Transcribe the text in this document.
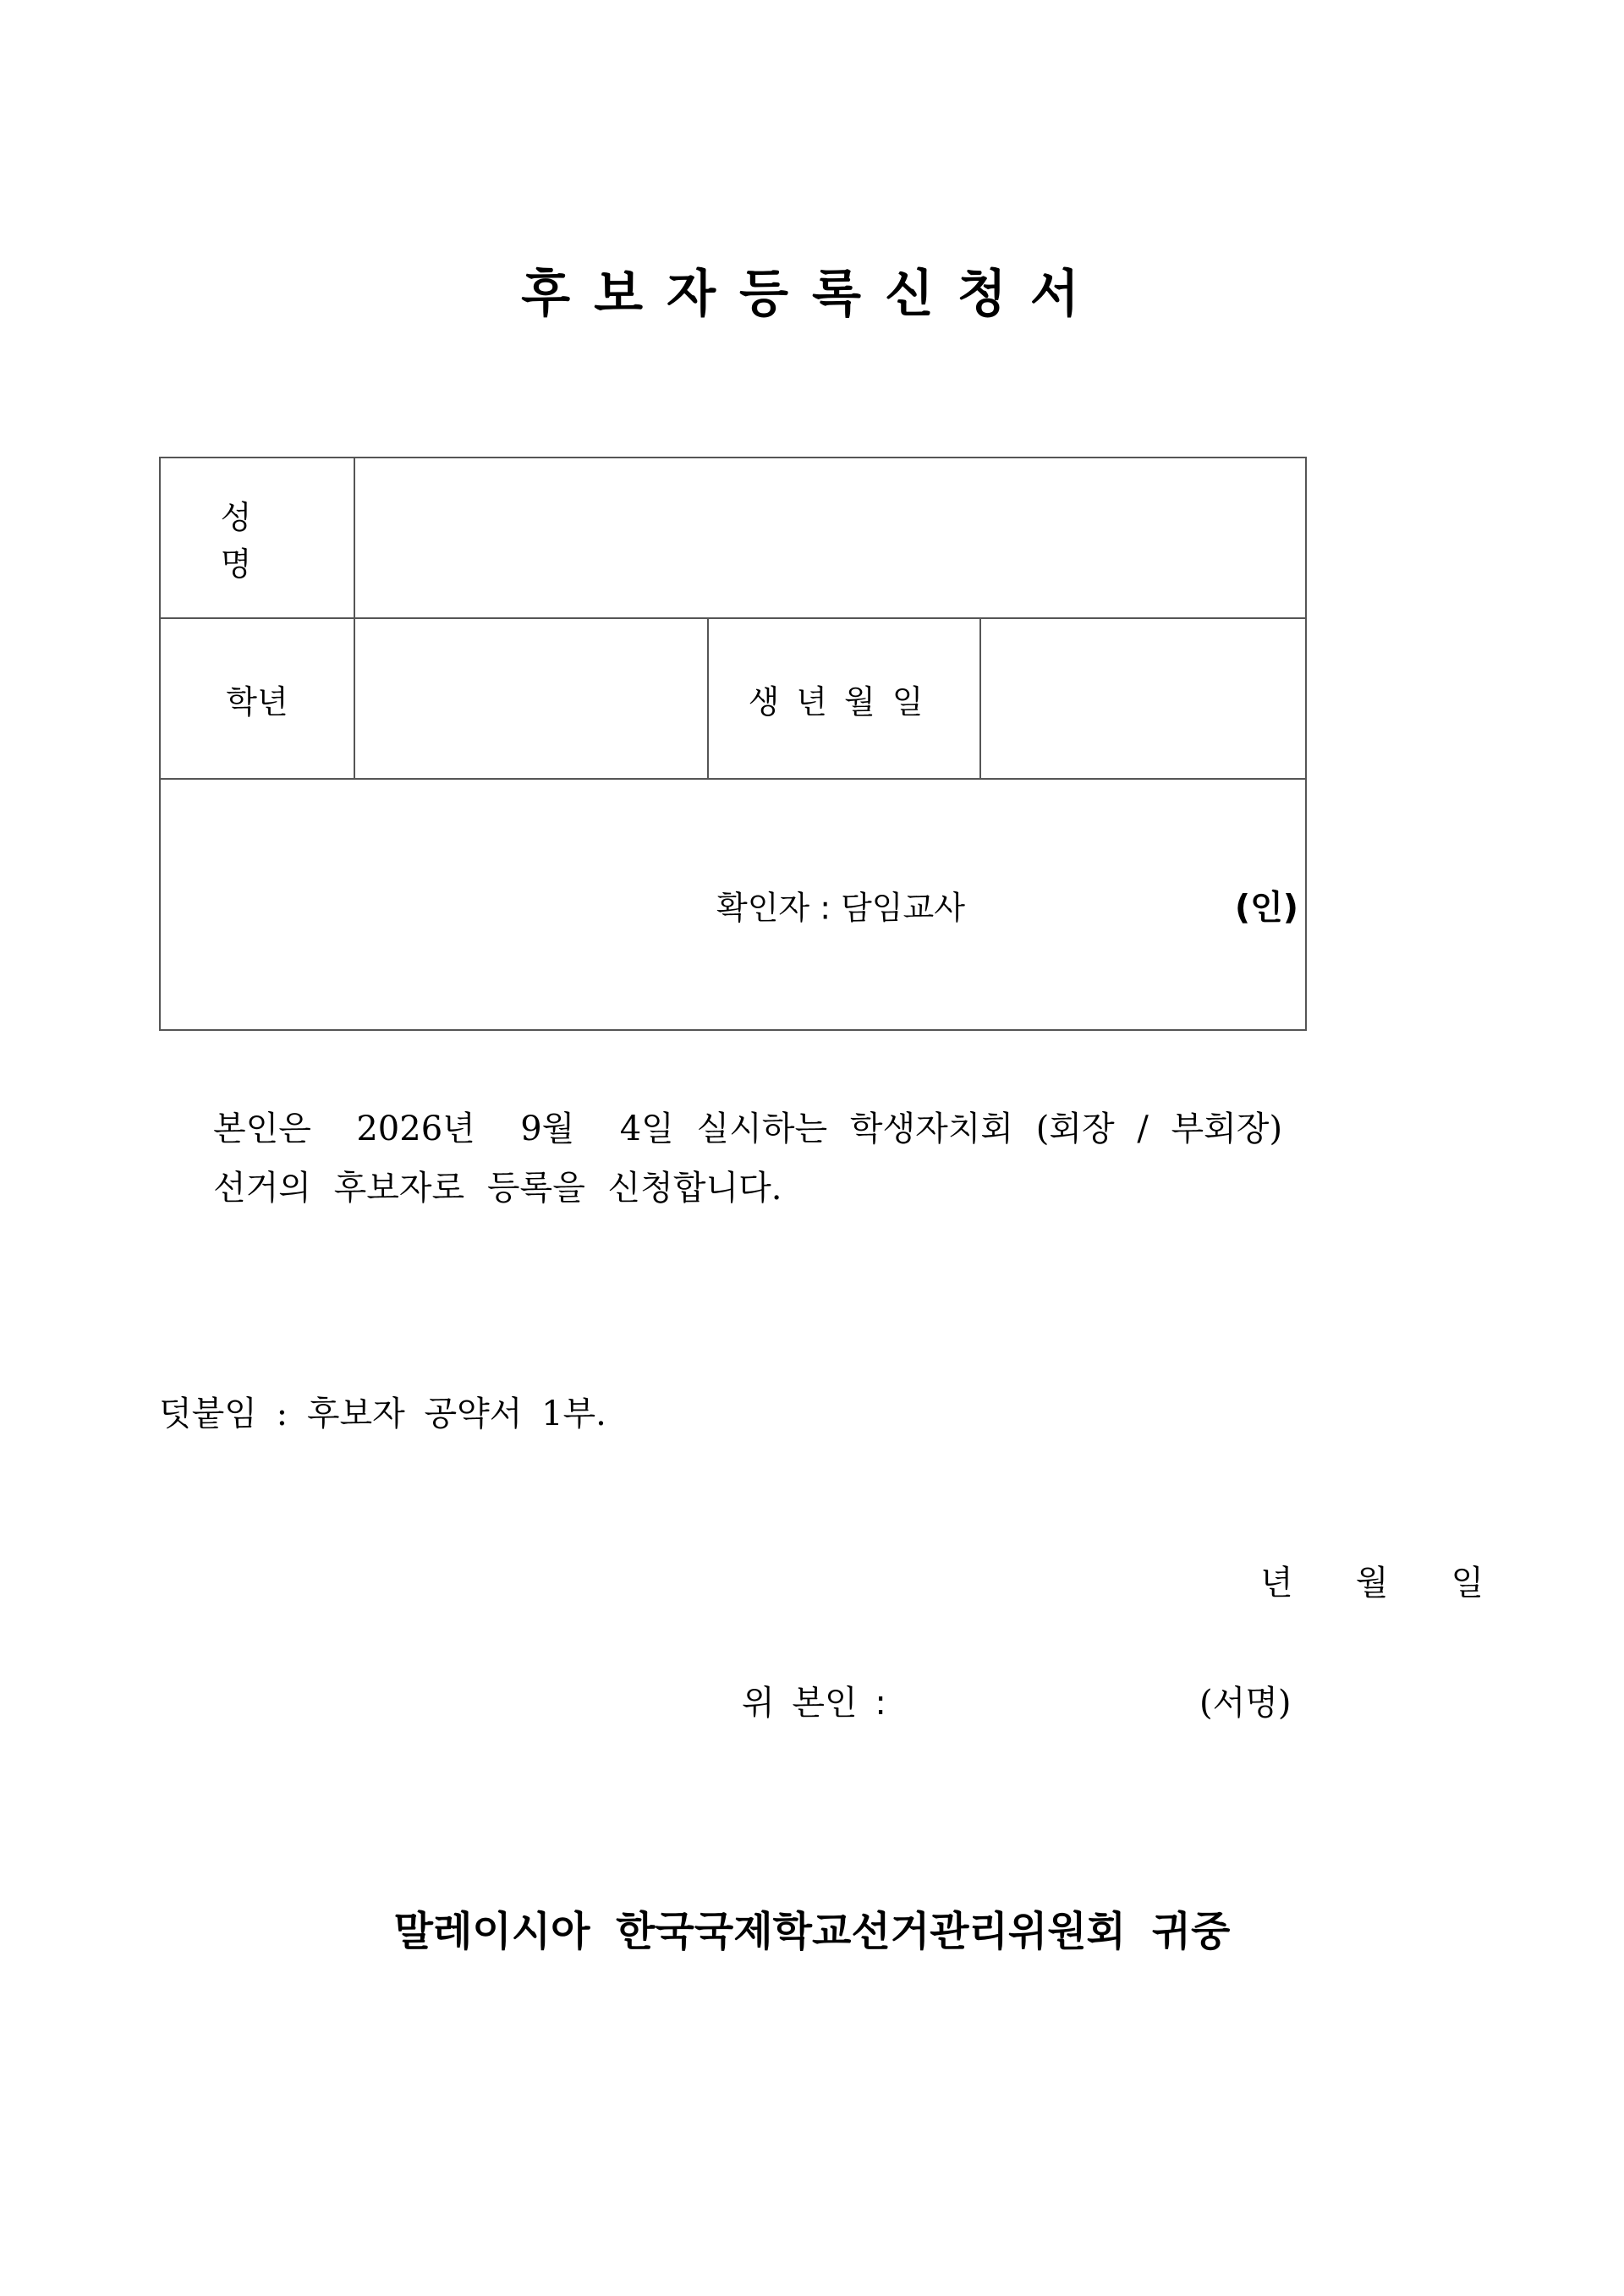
후보자등록신청서
성 명			
학년		생년월일	

확인자 : 담임교사 (인)			
본인은  2026년  9월  4일 실시하는 학생자치회 (회장 / 부회장)
선거의 후보자로 등록을 신청합니다.
덧붙임 : 후보자 공약서 1부.
년 월 일
위 본인 :	(서명)
말레이시아 한국국제학교선거관리위원회 귀중
